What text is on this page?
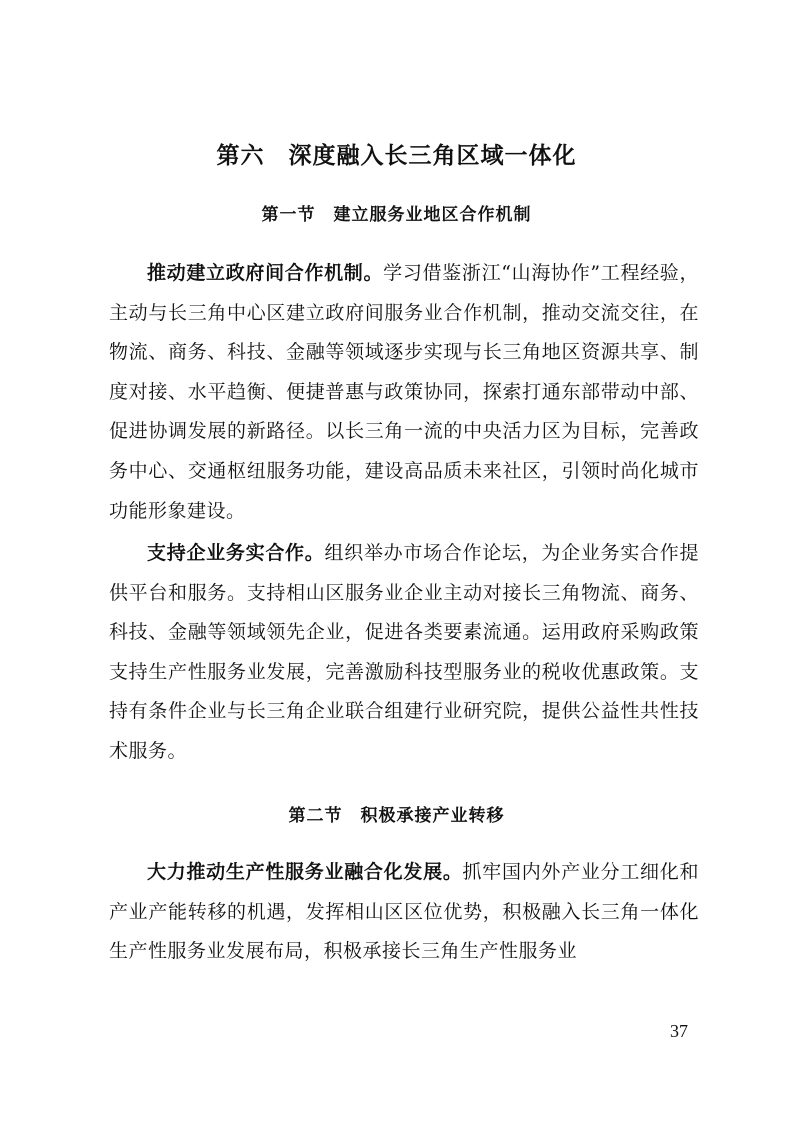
第六　深度融入长三角区域一体化
第一节　建立服务业地区合作机制

推动建立政府间合作机制。学习借鉴浙江“山海协作”工程经验，主动与长三角中心区建立政府间服务业合作机制，推动交流交往，在物流、商务、科技、金融等领域逐步实现与长三角地区资源共享、制度对接、水平趋衡、便捷普惠与政策协同，探索打通东部带动中部、促进协调发展的新路径。以长三角一流的中央活力区为目标，完善政务中心、交通枢纽服务功能，建设高品质未来社区，引领时尚化城市功能形象建设。

支持企业务实合作。组织举办市场合作论坛，为企业务实合作提供平台和服务。支持相山区服务业企业主动对接长三角物流、商务、科技、金融等领域领先企业，促进各类要素流通。运用政府采购政策支持生产性服务业发展，完善激励科技型服务业的税收优惠政策。支持有条件企业与长三角企业联合组建行业研究院，提供公益性共性技术服务。

第二节　积极承接产业转移

大力推动生产性服务业融合化发展。抓牢国内外产业分工细化和产业产能转移的机遇，发挥相山区区位优势，积极融入长三角一体化生产性服务业发展布局，积极承接长三角生产性服务业

37
